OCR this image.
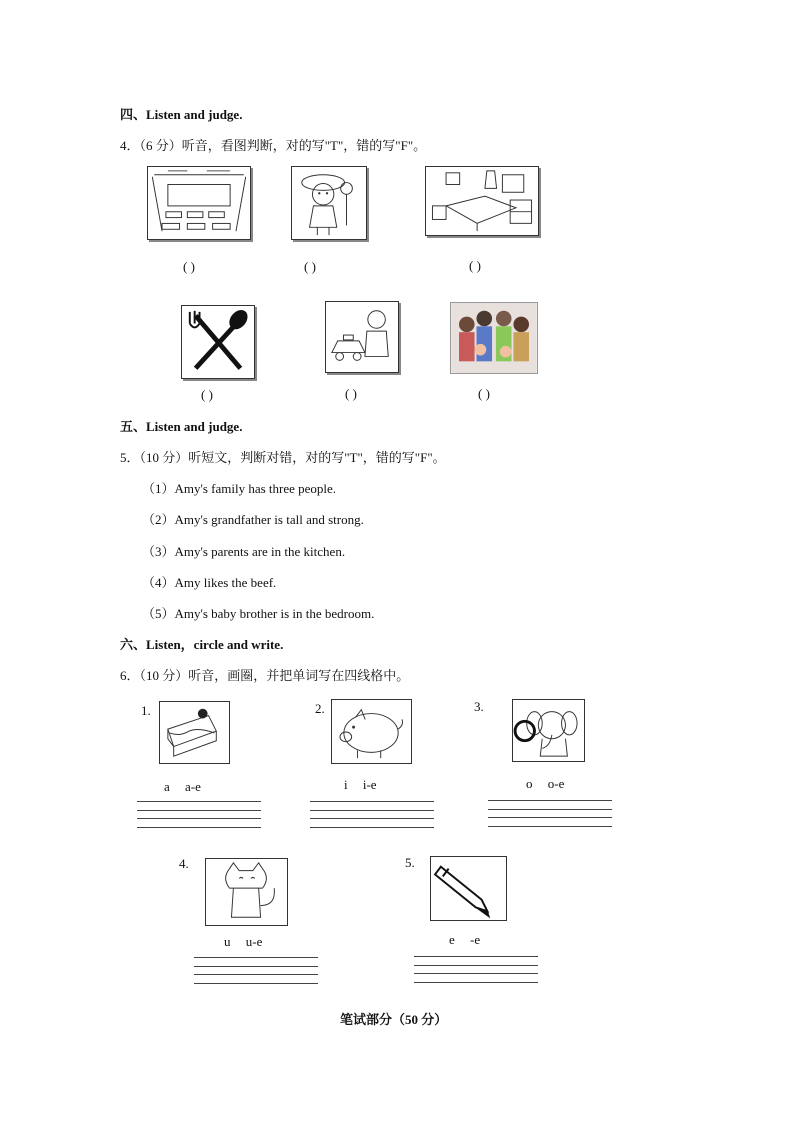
四、Listen and judge.
4．（6 分）听音，看图判断，对的写"T"，错的写"F"。
( )	( )	( )
( )	( )	( )
五、Listen and judge.
5．（10 分）听短文，判断对错，对的写"T"，错的写"F"。
（1）Amy's family has three people.
（2）Amy's grandfather is tall and strong.
（3）Amy's parents are in the kitchen.
（4）Amy likes the beef.
（5）Amy's baby brother is in the bedroom.
六、Listen，circle and write.
6．（10 分）听音，画圈，并把单词写在四线格中。
1.
a a-e
2.
i i-e
3.
o o-e
4.
u u-e
5.
e -e
笔试部分（50 分）
